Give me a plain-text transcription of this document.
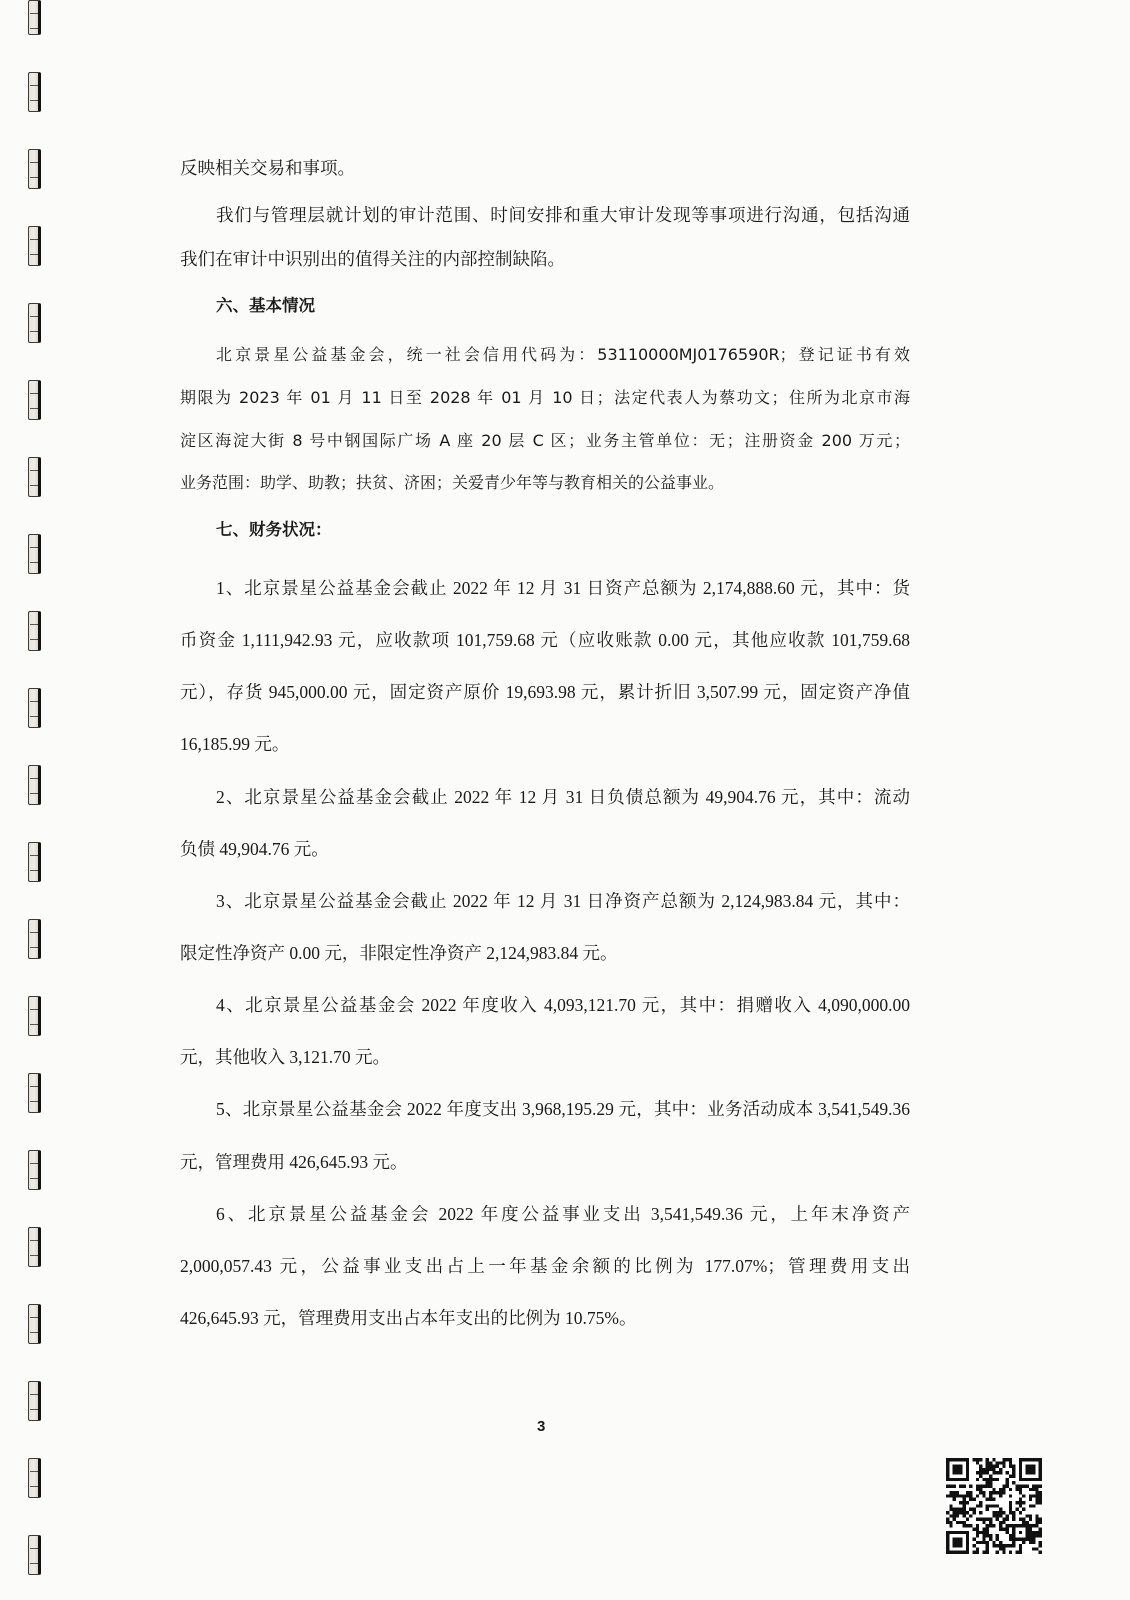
反映相关交易和事项。
我们与管理层就计划的审计范围、时间安排和重大审计发现等事项进行沟通，包括沟通
我们在审计中识别出的值得关注的内部控制缺陷。
六、基本情况
北京景星公益基金会，统一社会信用代码为：53110000MJ0176590R；登记证书有效
期限为 2023 年 01 月 11 日至 2028 年 01 月 10 日；法定代表人为蔡功文；住所为北京市海
淀区海淀大街 8 号中钢国际广场 A 座 20 层 C 区；业务主管单位：无；注册资金 200 万元；
业务范围：助学、助教；扶贫、济困；关爱青少年等与教育相关的公益事业。
七、财务状况：
1、北京景星公益基金会截止 2022 年 12 月 31 日资产总额为 2,174,888.60 元，其中：货
币资金 1,111,942.93 元，应收款项 101,759.68 元（应收账款 0.00 元，其他应收款 101,759.68
元），存货 945,000.00 元，固定资产原价 19,693.98 元，累计折旧 3,507.99 元，固定资产净值
16,185.99 元。
2、北京景星公益基金会截止 2022 年 12 月 31 日负债总额为 49,904.76 元，其中：流动
负债 49,904.76 元。
3、北京景星公益基金会截止 2022 年 12 月 31 日净资产总额为 2,124,983.84 元，其中：
限定性净资产 0.00 元，非限定性净资产 2,124,983.84 元。
4、北京景星公益基金会 2022 年度收入 4,093,121.70 元，其中：捐赠收入 4,090,000.00
元，其他收入 3,121.70 元。
5、北京景星公益基金会 2022 年度支出 3,968,195.29 元，其中：业务活动成本 3,541,549.36
元，管理费用 426,645.93 元。
6、北京景星公益基金会 2022 年度公益事业支出 3,541,549.36 元，上年末净资产
2,000,057.43 元，公益事业支出占上一年基金余额的比例为 177.07%；管理费用支出
426,645.93 元，管理费用支出占本年支出的比例为 10.75%。
3
